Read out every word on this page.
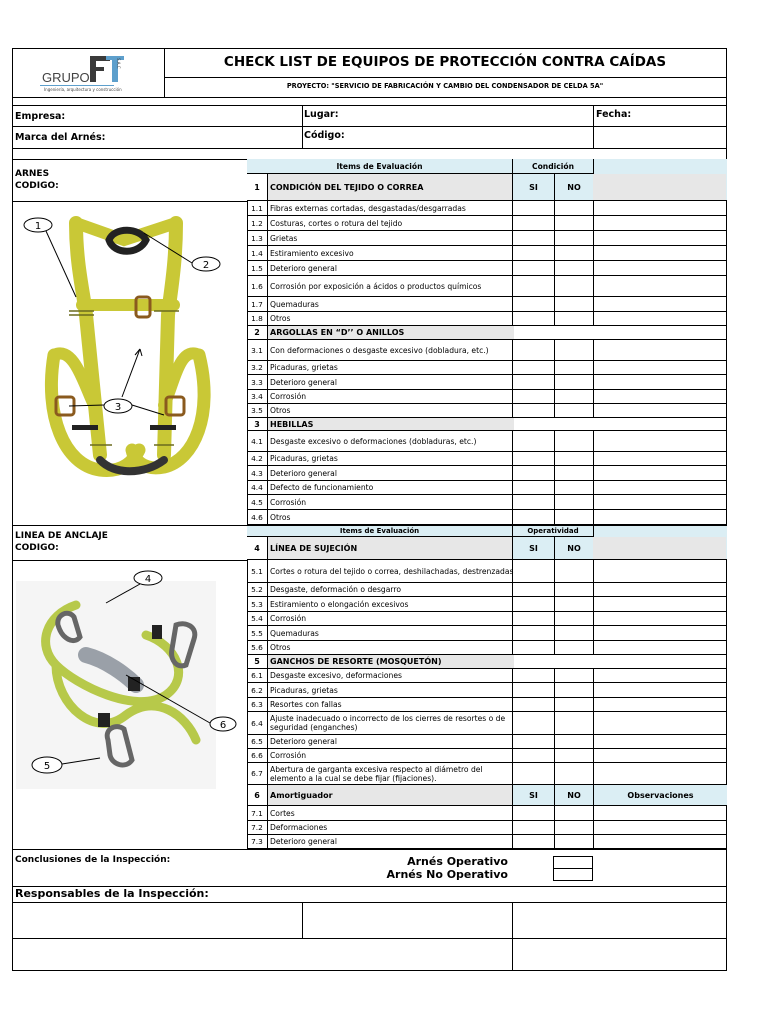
GRUPO
S.A.C
Ingeniería, arquitectura y construcción
CHECK LIST DE EQUIPOS DE PROTECCIÓN CONTRA CAÍDAS
PROYECTO: "SERVICIO DE FABRICACIÓN Y CAMBIO DEL CONDENSADOR DE CELDA 5A"
Empresa:	Lugar:	Fecha:
Marca del Arnés:	Código:
ARNES
CODIGO:
1
2
3
Items de Evaluación	Condición
1	CONDICIÓN DEL TEJIDO O CORREA	SI	NO
1.1 Fibras externas cortadas, desgastadas/desgarradas
1.2 Costuras, cortes o rotura del tejido
1.3 Grietas
1.4 Estiramiento excesivo
1.5 Deterioro general
1.6 Corrosión por exposición a ácidos o productos químicos
1.7 Quemaduras
1.8 Otros
2	ARGOLLAS EN “D’’ O ANILLOS
3.1 Con deformaciones o desgaste excesivo (dobladura, etc.)
3.2 Picaduras, grietas
3.3 Deterioro general
3.4 Corrosión
3.5 Otros
3	HEBILLAS
4.1 Desgaste excesivo o deformaciones (dobladuras, etc.)
4.2 Picaduras, grietas
4.3 Deterioro general
4.4 Defecto de funcionamiento
4.5 Corrosión
4.6 Otros
LINEA DE ANCLAJE
CODIGO:
4
6
5
Items de Evaluación	Operatividad
4	LÍNEA DE SUJECIÓN	SI	NO
5.1 Cortes o rotura del tejido o correa, deshilachadas, destrenzadas
5.2 Desgaste, deformación o desgarro
5.3 Estiramiento o elongación excesivos
5.4 Corrosión
5.5 Quemaduras
5.6 Otros
5	GANCHOS DE RESORTE (MOSQUETÓN)
6.1 Desgaste excesivo, deformaciones
6.2 Picaduras, grietas
6.3 Resortes con fallas
6.4 Ajuste inadecuado o incorrecto de los cierres de resortes o de seguridad (enganches)
6.5 Deterioro general
6.6 Corrosión
6.7 Abertura de garganta excesiva respecto al diámetro del elemento a la cual se debe fijar (fijaciones).
6	Amortiguador	SI	NO	Observaciones
7.1 Cortes
7.2 Deformaciones
7.3 Deterioro general
Conclusiones de la Inspección:	Arnés Operativo
Arnés No Operativo
Responsables de la Inspección:
